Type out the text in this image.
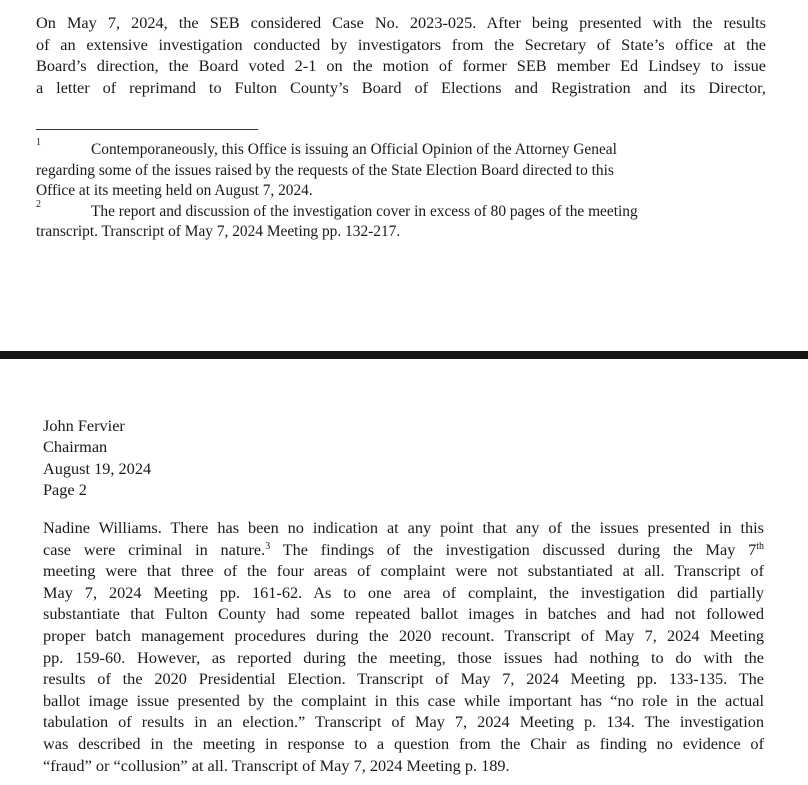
On May 7, 2024, the SEB considered Case No. 2023-025. After being presented with the results
of an extensive investigation conducted by investigators from the Secretary of State’s office at the
Board’s direction, the Board voted 2-1 on the motion of former SEB member Ed Lindsey to issue
a letter of reprimand to Fulton County’s Board of Elections and Registration and its Director,
1	Contemporaneously, this Office is issuing an Official Opinion of the Attorney Geneal
regarding some of the issues raised by the requests of the State Election Board directed to this
Office at its meeting held on August 7, 2024.
2	The report and discussion of the investigation cover in excess of 80 pages of the meeting
transcript. Transcript of May 7, 2024 Meeting pp. 132-217.
John Fervier
Chairman
August 19, 2024
Page 2
Nadine Williams. There has been no indication at any point that any of the issues presented in this
case were criminal in nature.$^3$ The findings of the investigation discussed during the May 7th
meeting were that three of the four areas of complaint were not substantiated at all. Transcript of
May 7, 2024 Meeting pp. 161-62. As to one area of complaint, the investigation did partially
substantiate that Fulton County had some repeated ballot images in batches and had not followed
proper batch management procedures during the 2020 recount. Transcript of May 7, 2024 Meeting
pp. 159-60. However, as reported during the meeting, those issues had nothing to do with the
results of the 2020 Presidential Election. Transcript of May 7, 2024 Meeting pp. 133-135. The
ballot image issue presented by the complaint in this case while important has “no role in the actual
tabulation of results in an election.” Transcript of May 7, 2024 Meeting p. 134. The investigation
was described in the meeting in response to a question from the Chair as finding no evidence of
“fraud” or “collusion” at all. Transcript of May 7, 2024 Meeting p. 189.
